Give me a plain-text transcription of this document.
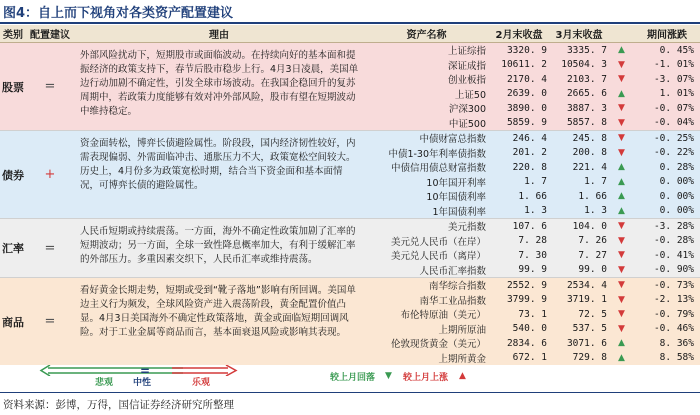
图4：自上而下视角对各类资产配置建议
类别	配置建议	理由	资产名称	2月末收盘	3月末收盘		期间涨跌
股票	=	外部风险扰动下，短期股市或面临波动。在持续向好的基本面和提振经济的政策支持下，春节后股市稳步上行。4月3日凌晨，美国单边行动加剧不确定性，引发全球市场波动。在我国企稳回升的复苏周期中，若政策力度能够有效对冲外部风险，股市有望在短期波动中维持稳定。	上证综指	3320. 9	3335. 7	▲	0. 45%
			深证成指	10611. 2	10504. 3	▼	-1. 01%
			创业板指	2170. 4	2103. 7	▼	-3. 07%
			上证50	2639. 0	2665. 6	▲	1. 01%
			沪深300	3890. 0	3887. 3	▼	-0. 07%
			中证500	5859. 9	5857. 8	▼	-0. 04%
债券	+	资金面转松，博弈长债避险属性。阶段段，国内经济韧性较好，内需表现偏弱、外需面临冲击、通胀压力不大，政策宽松空间较大。历史上，4月份多为政策宽松时期，结合当下资金面和基本面情况，可博弈长债的避险属性。	中债财富总指数	246. 4	245. 8	▼	-0. 25%
			中债1-30年利率债指数	201. 2	200. 8	▼	-0. 22%
			中债信用债总财富指数	220. 8	221. 4	▲	0. 28%
			10年国开利率	1. 7	1. 7	▲	0. 00%
			10年国债利率	1. 66	1. 66	▲	0. 00%
			1年国债利率	1. 3	1. 3	▲	0. 00%
汇率	=	人民币短期或持续震荡。一方面，海外不确定性政策加剧了汇率的短期波动；另一方面，全球一致性降息概率加大，有利于缓解汇率的外部压力。多重因素交织下，人民币汇率或维持震荡。	美元指数	107. 6	104. 0	▼	-3. 28%
			美元兑人民币（在岸）	7. 28	7. 26	▼	-0. 28%
			美元兑人民币（离岸）	7. 30	7. 27	▼	-0. 41%
			人民币汇率指数	99. 9	99. 0	▼	-0. 90%
商品	=	看好黄金长期走势，短期或受到“靴子落地”影响有所回调。美国单边主义行为频发，全球风险资产进入震荡阶段，黄金配置价值凸显。4月3日美国海外不确定性政策落地，黄金或面临短期回调风险。对于工业金属等商品而言，基本面衰退风险或影响其表现。	南华综合指数	2552. 9	2534. 4	▼	-0. 73%
			南华工业品指数	3799. 9	3719. 1	▼	-2. 13%
			布伦特原油（美元）	73. 1	72. 5	▼	-0. 79%
			上期所原油	540. 0	537. 5	▼	-0. 46%
			伦敦现货黄金（美元）	2834. 6	3071. 6	▲	8. 36%
			上期所黄金	672. 1	729. 8	▲	8. 58%
悲观
=
中性	乐观	较上月回落 ▼ 较上月上涨 ▲
资料来源：彭博，万得，国信证券经济研究所整理
